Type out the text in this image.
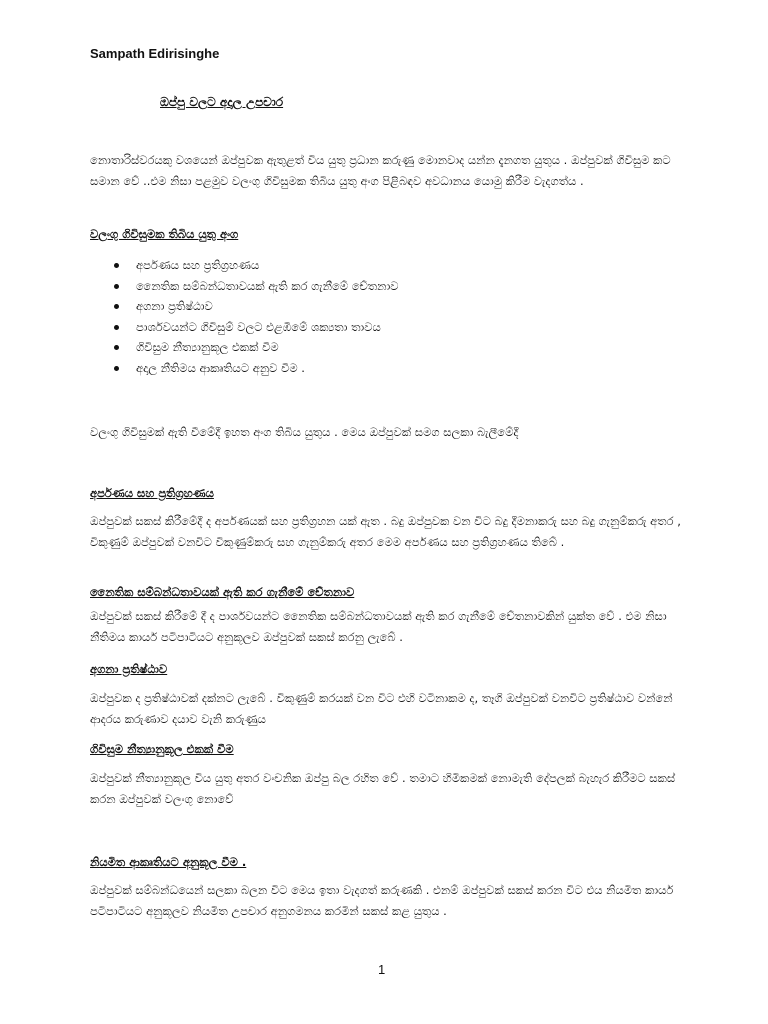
Sampath Edirisinghe
ඔප්පු වලට අදාල උපචාර

නොතාරිස්වරයකු වශයෙන් ඔප්පුවක ඇතුළත් විය යුතු ප්‍රධාන කරුණු මොනවාද යන්න දැනගත යුතුය . ඔප්පුවක් ගිවිසුම කට සමාන වේ ..එම නිසා පළමුව වලංගු ගිවිසුමක තිබිය යුතු අංග පිළිබඳව අවධානය යොමු කිරීම වැදගත්ය .

වලංගු ගිවිසුමක තිබිය යුතු අංග
අර්පණය සහ ප්‍රතිග්‍රහණය
නෛතික සම්බන්ධතාවයක් ඇති කර ගැනීමේ චේතනාව
අගනා ප්‍රතිෂ්ඨාව
පාර්ශවයන්ට ගිවිසුම් වලට එළඹීමේ ශක්‍යතා තාවය
ගිවිසුම නීත්‍යානුකූල එකක් වීම
අදාල නීතිමය ආකෘතියට අනුව වීම .

වලංගු ගිවිසුමක් ඇති වීමේදී ඉහත අංග තිබිය යුතුය . මෙය ඔප්පුවක් සමග සලකා බැලීමේදී

අර්පණය සහ ප්‍රතිග්‍රහණය

ඔප්පුවක් සකස් කිරීමේදී ද අර්පණයක් සහ ප්‍රතිග්‍රහන යක් ඇත . බදු ඔප්පුවක වන විට බදු දීමනාකරු සහ බදු ගැනුම්කරු අතර , විකුණුම් ඔප්පුවක් වනවිට විකුණුම්කරු සහ ගැනුම්කරු අතර මෙම අර්පණය සහ ප්‍රතිග්‍රහණය තිබේ .

නෛතික සම්බන්ධතාවයක් ඇති කර ගැනීමේ චේතනාව

ඔප්පුවක් සකස් කිරීමේ දී ද පාර්ශවයන්ට නෛතික සම්බන්ධතාවයක් ඇති කර ගැනීමේ චේතනාවකින් යුක්ත වේ . එම නිසා නීතිමය කාර්ය පටිපාටියට අනුකූලව ඔප්පුවක් සකස් කරනු ලැබේ .

අගනා ප්‍රතිෂ්ඨාව

ඔප්පුවක ද ප්‍රතිෂ්ඨාවක් දක්නට ලැබේ . විකුණුම් කරයක් වන විට එහි වටිනාකම ද, තෑගි ඔප්පුවක් වනවිට ප්‍රතිෂ්ඨාව වන්නේ ආදරය කරුණාව දයාව වැනි කරුණුය

ගිවිසුම නීත්‍යානුකූල එකක් වීම

ඔප්පුවක් නීත්‍යානුකූල විය යුතු අතර වංචනික ඔප්පු බල රහිත වේ . තමාට හිමිකමක් නොමැති දේපලක් බැහැර කිරීමට සකස් කරන ඔප්පුවක් වලංගු නොවේ

නියමිත ආකෘතියට අනුකූල වීම .

ඔප්පුවක් සම්බන්ධයෙන් සලකා බලන විට මෙය ඉතා වැදගත් කරුණකි . එනම් ඔප්පුවක් සකස් කරන විට එය නියමිත කාර්ය පටිපාටියට අනුකූලව නියමිත උපචාර අනුගමනය කරමින් සකස් කළ යුතුය .

1
